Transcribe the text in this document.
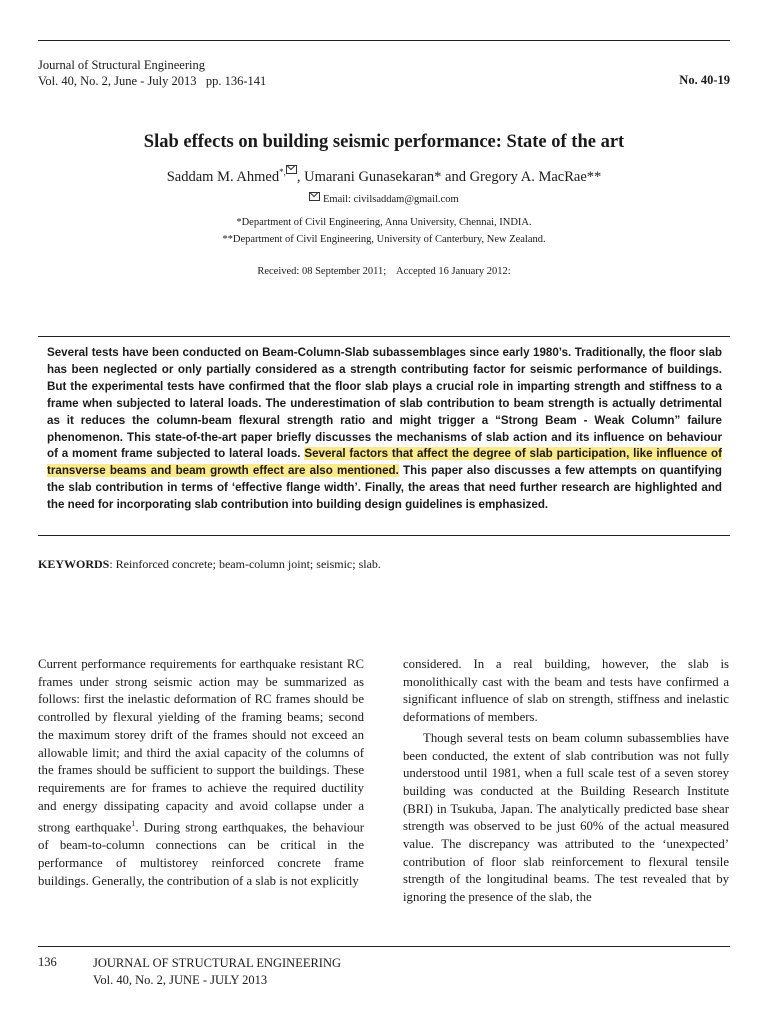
Journal of Structural Engineering
Vol. 40, No. 2, June - July 2013   pp. 136-141	No. 40-19
Slab effects on building seismic performance: State of the art
Saddam M. Ahmed*, , Umarani Gunasekaran* and Gregory A. MacRae**
Email: civilsaddam@gmail.com
*Department of Civil Engineering, Anna University, Chennai, INDIA.
**Department of Civil Engineering, University of Canterbury, New Zealand.
Received: 08 September 2011;    Accepted 16 January 2012:
Several tests have been conducted on Beam-Column-Slab subassemblages since early 1980’s. Traditionally, the floor slab has been neglected or only partially considered as a strength contributing factor for seismic performance of buildings. But the experimental tests have confirmed that the floor slab plays a crucial role in imparting strength and stiffness to a frame when subjected to lateral loads. The underestimation of slab contribution to beam strength is actually detrimental as it reduces the column-beam flexural strength ratio and might trigger a “Strong Beam - Weak Column” failure phenomenon. This state-of-the-art paper briefly discusses the mechanisms of slab action and its influence on behaviour of a moment frame subjected to lateral loads. Several factors that affect the degree of slab participation, like influence of transverse beams and beam growth effect are also mentioned. This paper also discusses a few attempts on quantifying the slab contribution in terms of ‘effective flange width’. Finally, the areas that need further research are highlighted and the need for incorporating slab contribution into building design guidelines is emphasized.
KEYWORDS: Reinforced concrete; beam-column joint; seismic; slab.

Current performance requirements for earthquake resistant RC frames under strong seismic action may be summarized as follows: first the inelastic deformation of RC frames should be controlled by flexural yielding of the framing beams; second the maximum storey drift of the frames should not exceed an allowable limit; and third the axial capacity of the columns of the frames should be sufficient to support the buildings. These requirements are for frames to achieve the required ductility and energy dissipating capacity and avoid collapse under a strong earthquake$^1$. During strong earthquakes, the behaviour of beam-to-column connections can be critical in the performance of multistorey reinforced concrete frame buildings. Generally, the contribution of a slab is not explicitly

considered. In a real building, however, the slab is monolithically cast with the beam and tests have confirmed a significant influence of slab on strength, stiffness and inelastic deformations of members.

Though several tests on beam column subassemblies have been conducted, the extent of slab contribution was not fully understood until 1981, when a full scale test of a seven storey building was conducted at the Building Research Institute (BRI) in Tsukuba, Japan. The analytically predicted base shear strength was observed to be just 60% of the actual measured value. The discrepancy was attributed to the ‘unexpected’ contribution of floor slab reinforcement to flexural tensile strength of the longitudinal beams. The test revealed that by ignoring the presence of the slab, the

136	JOURNAL OF STRUCTURAL ENGINEERING
Vol. 40, No. 2, JUNE - JULY 2013
